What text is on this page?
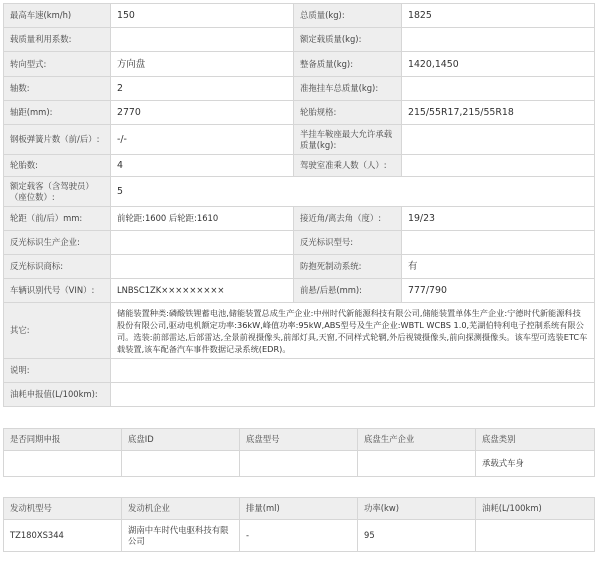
最高车速(km/h)	150	总质量(kg):	1825
载质量利用系数:		额定载质量(kg):	
转向型式:	方向盘	整备质量(kg):	1420,1450
轴数:	2	准拖挂车总质量(kg):	
轴距(mm):	2770	轮胎规格:	215/55R17,215/55R18
钢板弹簧片数（前/后）:	-/-	半挂车鞍座最大允许承载质量(kg):	
轮胎数:	4	驾驶室准乘人数（人）:	
额定载客（含驾驶员）（座位数）:	5		
轮距（前/后）mm:	前轮距:1600 后轮距:1610	接近角/离去角（度）:	19/23
反光标识生产企业:		反光标识型号:	
反光标识商标:		防抱死制动系统:	有
车辆识别代号（VIN）:	LNBSC1ZK×××××××××	前悬/后悬(mm):	777/790
其它:	储能装置种类:磷酸铁锂蓄电池,储能装置总成生产企业:中州时代新能源科技有限公司,储能装置单体生产企业:宁德时代新能源科技股份有限公司,驱动电机额定功率:36kW,峰值功率:95kW,ABS型号及生产企业:WBTL WCBS 1.0,芜湖伯特利电子控制系统有限公司。选装:前部雷达,后部雷达,全景前视摄像头,前部灯具,天窗,不同样式轮辋,外后视镜摄像头,前向探测摄像头。该车型可选装ETC车载装置,该车配备汽车事件数据记录系统(EDR)。		
说明:			
油耗申报值(L/100km):			
是否同期申报	底盘ID	底盘型号	底盘生产企业	底盘类别
				承载式车身
发动机型号	发动机企业	排量(ml)	功率(kw)	油耗(L/100km)
TZ180XS344	湖南中车时代电驱科技有限公司	-	95	
